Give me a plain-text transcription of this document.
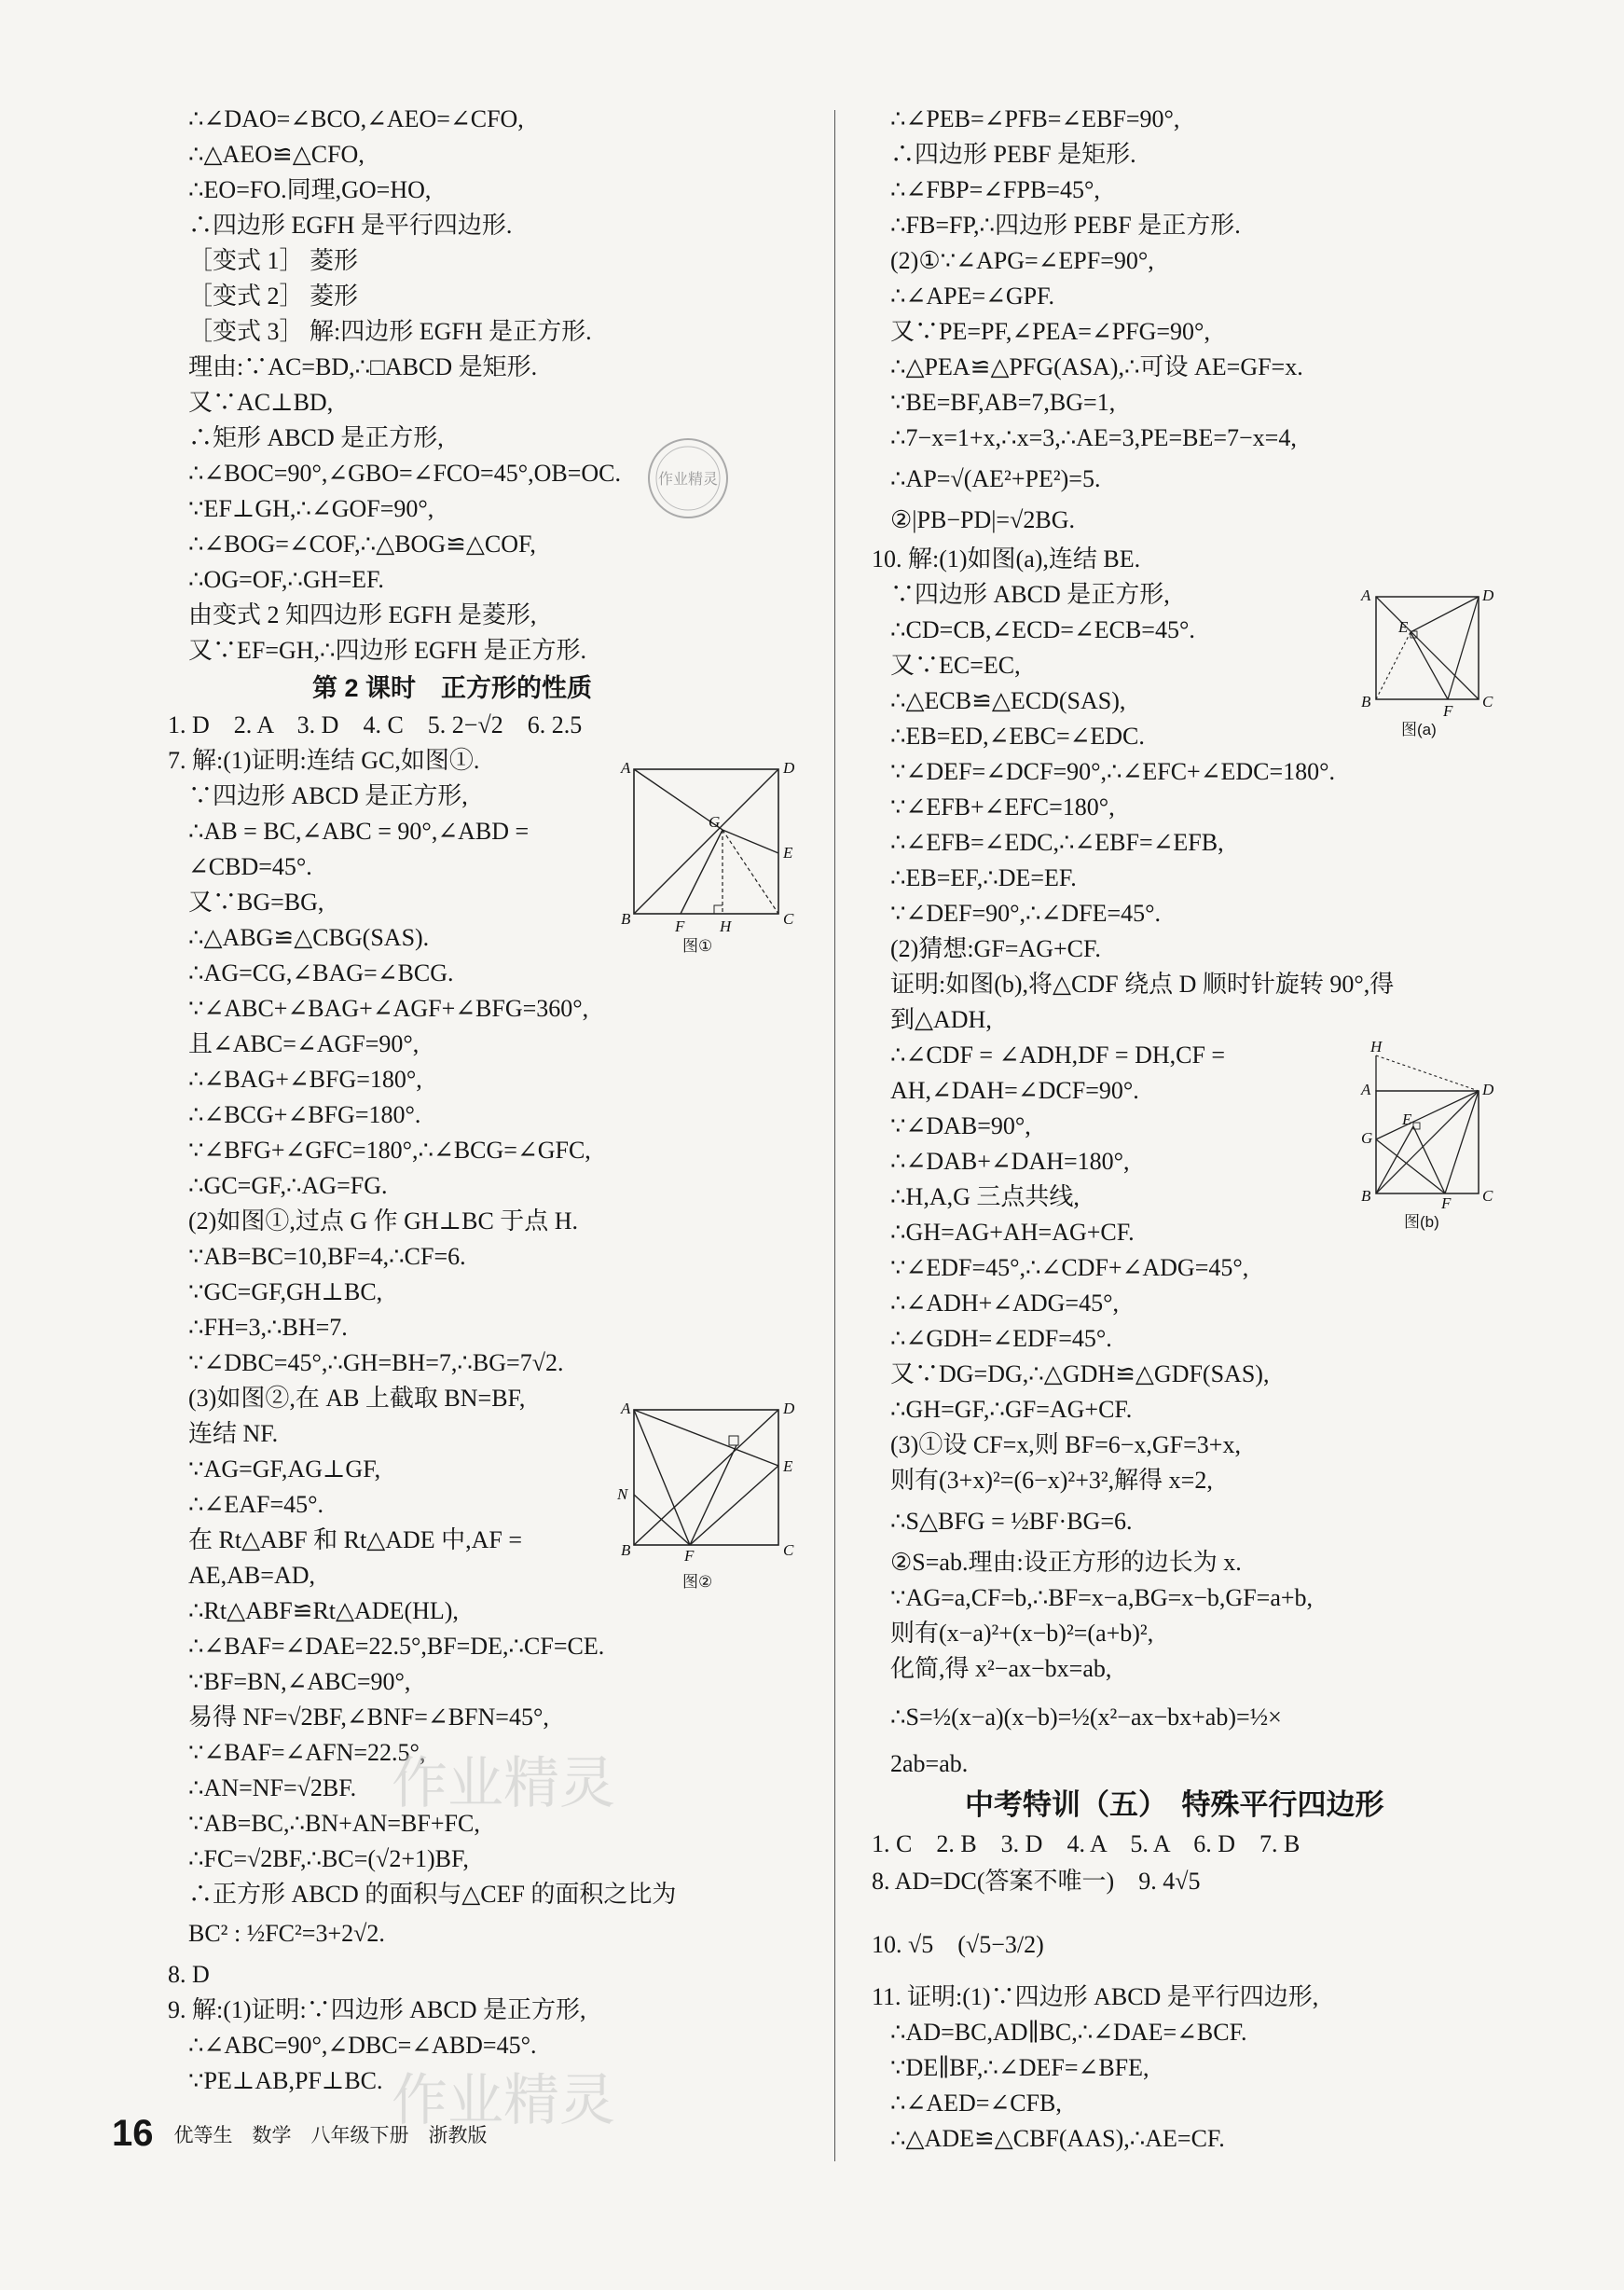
∴∠DAO=∠BCO,∠AEO=∠CFO,
∴△AEO≌△CFO,
∴EO=FO.同理,GO=HO,
∴四边形 EGFH 是平行四边形.
［变式 1］ 菱形
［变式 2］ 菱形
［变式 3］ 解:四边形 EGFH 是正方形.
理由:∵AC=BD,∴□ABCD 是矩形.
又∵AC⊥BD,
∴矩形 ABCD 是正方形,
∴∠BOC=90°,∠GBO=∠FCO=45°,OB=OC.
∵EF⊥GH,∴∠GOF=90°,
∴∠BOG=∠COF,∴△BOG≌△COF,
∴OG=OF,∴GH=EF.
由变式 2 知四边形 EGFH 是菱形,
又∵EF=GH,∴四边形 EGFH 是正方形.
第 2 课时　正方形的性质
1. D　2. A　3. D　4. C　5. 2−√2　6. 2.5
7. 解:(1)证明:连结 GC,如图①.
∵四边形 ABCD 是正方形,
∴AB = BC,∠ABC = 90°,∠ABD =
∠CBD=45°.
又∵BG=BG,
∴△ABG≌△CBG(SAS).
∴AG=CG,∠BAG=∠BCG.
∵∠ABC+∠BAG+∠AGF+∠BFG=360°,
且∠ABC=∠AGF=90°,
∴∠BAG+∠BFG=180°,
∴∠BCG+∠BFG=180°.
∵∠BFG+∠GFC=180°,∴∠BCG=∠GFC,
∴GC=GF,∴AG=FG.
(2)如图①,过点 G 作 GH⊥BC 于点 H.
∵AB=BC=10,BF=4,∴CF=6.
∵GC=GF,GH⊥BC,
∴FH=3,∴BH=7.
∵∠DBC=45°,∴GH=BH=7,∴BG=7√2.
(3)如图②,在 AB 上截取 BN=BF,
连结 NF.
∵AG=GF,AG⊥GF,
∴∠EAF=45°.
在 Rt△ABF 和 Rt△ADE 中,AF =
AE,AB=AD,
∴Rt△ABF≌Rt△ADE(HL),
∴∠BAF=∠DAE=22.5°,BF=DE,∴CF=CE.
∵BF=BN,∠ABC=90°,
易得 NF=√2BF,∠BNF=∠BFN=45°,
∵∠BAF=∠AFN=22.5°,
∴AN=NF=√2BF.
∵AB=BC,∴BN+AN=BF+FC,
∴FC=√2BF,∴BC=(√2+1)BF,
∴正方形 ABCD 的面积与△CEF 的面积之比为
BC² : ½FC²=3+2√2.
8. D
9. 解:(1)证明:∵四边形 ABCD 是正方形,
∴∠ABC=90°,∠DBC=∠ABD=45°.
∵PE⊥AB,PF⊥BC.
A	D
E
G
B	F H	C
图①
A	D
E
N
B	F	C
图②
∴∠PEB=∠PFB=∠EBF=90°,
∴四边形 PEBF 是矩形.
∴∠FBP=∠FPB=45°,
∴FB=FP,∴四边形 PEBF 是正方形.
(2)①∵∠APG=∠EPF=90°,
∴∠APE=∠GPF.
又∵PE=PF,∠PEA=∠PFG=90°,
∴△PEA≌△PFG(ASA),∴可设 AE=GF=x.
∵BE=BF,AB=7,BG=1,
∴7−x=1+x,∴x=3,∴AE=3,PE=BE=7−x=4,
∴AP=√(AE²+PE²)=5.
②|PB−PD|=√2BG.
10. 解:(1)如图(a),连结 BE.
∵四边形 ABCD 是正方形,
∴CD=CB,∠ECD=∠ECB=45°.
又∵EC=EC,
∴△ECB≌△ECD(SAS),
∴EB=ED,∠EBC=∠EDC.
∵∠DEF=∠DCF=90°,∴∠EFC+∠EDC=180°.
∵∠EFB+∠EFC=180°,
∴∠EFB=∠EDC,∴∠EBF=∠EFB,
∴EB=EF,∴DE=EF.
∵∠DEF=90°,∴∠DFE=45°.
(2)猜想:GF=AG+CF.
证明:如图(b),将△CDF 绕点 D 顺时针旋转 90°,得
到△ADH,
∴∠CDF = ∠ADH,DF = DH,CF =
AH,∠DAH=∠DCF=90°.
∵∠DAB=90°,
∴∠DAB+∠DAH=180°,
∴H,A,G 三点共线,
∴GH=AG+AH=AG+CF.
∵∠EDF=45°,∴∠CDF+∠ADG=45°,
∴∠ADH+∠ADG=45°,
∴∠GDH=∠EDF=45°.
又∵DG=DG,∴△GDH≌△GDF(SAS),
∴GH=GF,∴GF=AG+CF.
(3)①设 CF=x,则 BF=6−x,GF=3+x,
则有(3+x)²=(6−x)²+3²,解得 x=2,
∴S△BFG = ½BF·BG=6.
②S=ab.理由:设正方形的边长为 x.
∵AG=a,CF=b,∴BF=x−a,BG=x−b,GF=a+b,
则有(x−a)²+(x−b)²=(a+b)²,
化简,得 x²−ax−bx=ab,
∴S=½(x−a)(x−b)=½(x²−ax−bx+ab)=½×
2ab=ab.
中考特训（五）　特殊平行四边形
1. C　2. B　3. D　4. A　5. A　6. D　7. B
8. AD=DC(答案不唯一)　9. 4√5
10. √5　(√5−3/2)
11. 证明:(1)∵四边形 ABCD 是平行四边形,
∴AD=BC,AD∥BC,∴∠DAE=∠BCF.
∵DE∥BF,∴∠DEF=∠BFE,
∴∠AED=∠CFB,
∴△ADE≌△CBF(AAS),∴AE=CF.
A	D
E
B
F
C
图(a)
H
A	D
E
G
B	F C
图(b)
作业精灵
作业精灵
作业精灵
16 优等生　数学　八年级下册　浙教版
